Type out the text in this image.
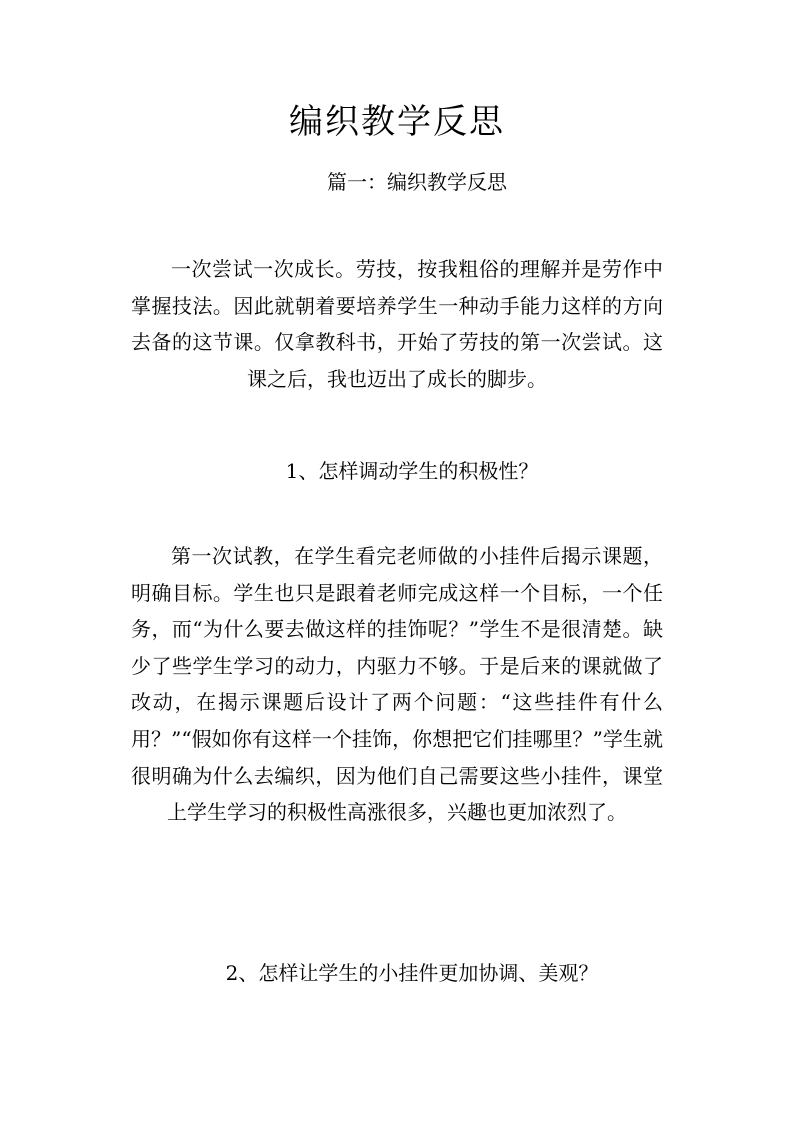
编织教学反思

篇一：编织教学反思

一次尝试一次成长。劳技，按我粗俗的理解并是劳作中掌握技法。因此就朝着要培养学生一种动手能力这样的方向去备的这节课。仅拿教科书，开始了劳技的第一次尝试。这课之后，我也迈出了成长的脚步。

1、怎样调动学生的积极性？

第一次试教，在学生看完老师做的小挂件后揭示课题，明确目标。学生也只是跟着老师完成这样一个目标，一个任务，而“为什么要去做这样的挂饰呢？”学生不是很清楚。缺少了些学生学习的动力，内驱力不够。于是后来的课就做了改动，在揭示课题后设计了两个问题：“这些挂件有什么用？”“假如你有这样一个挂饰，你想把它们挂哪里？”学生就很明确为什么去编织，因为他们自己需要这些小挂件，课堂上学生学习的积极性高涨很多，兴趣也更加浓烈了。

2、怎样让学生的小挂件更加协调、美观？
